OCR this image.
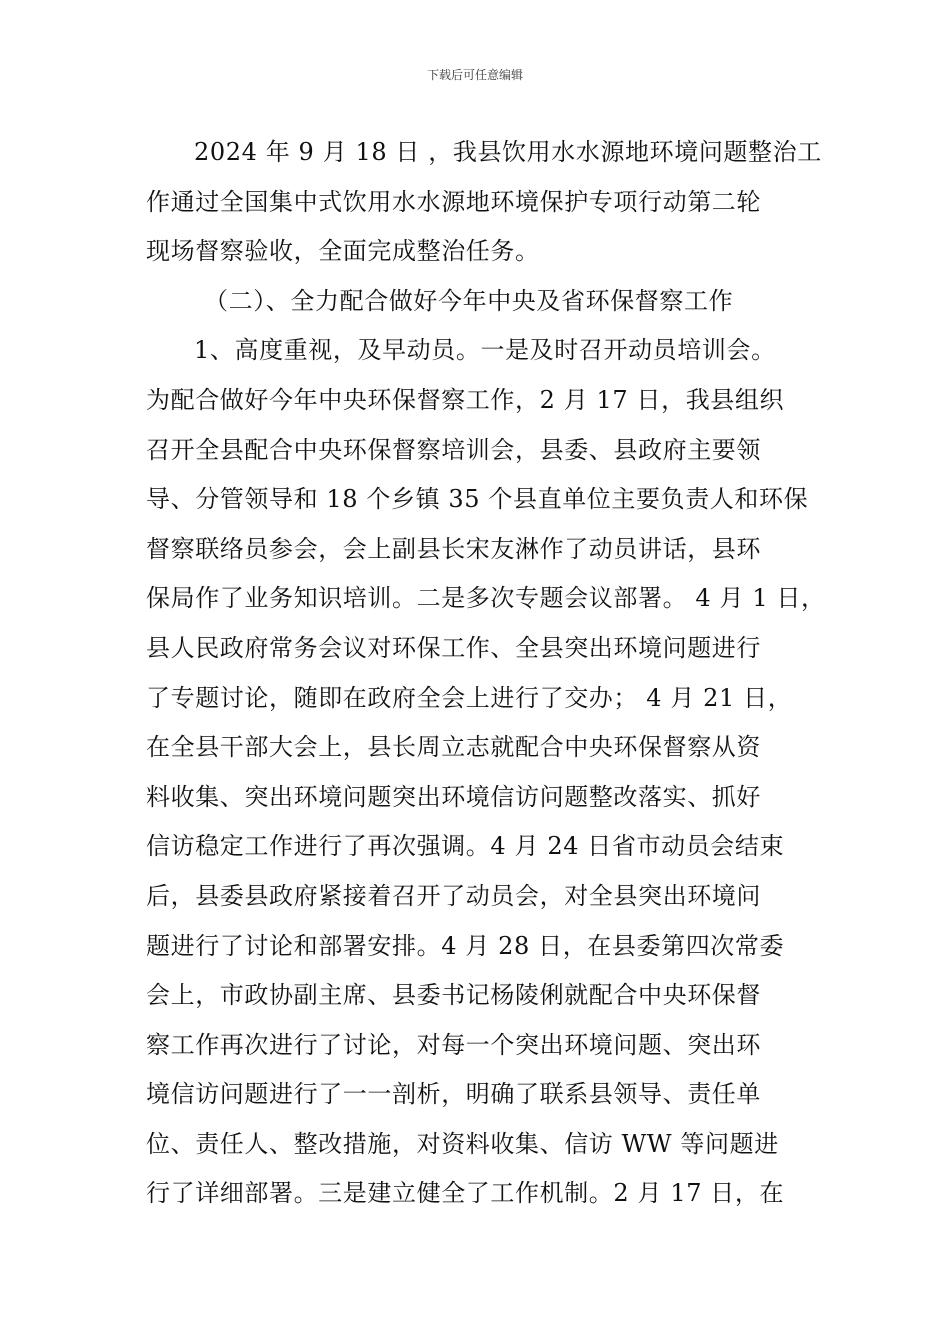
下载后可任意编辑
2024 年 9 月 18 日 ，我县饮用水水源地环境问题整治工
作通过全国集中式饮用水水源地环境保护专项行动第二轮
现场督察验收，全面完成整治任务。
（二）、全力配合做好今年中央及省环保督察工作
1、高度重视，及早动员。一是及时召开动员培训会。
为配合做好今年中央环保督察工作，2 月 17 日，我县组织
召开全县配合中央环保督察培训会，县委、县政府主要领
导、分管领导和 18 个乡镇 35 个县直单位主要负责人和环保
督察联络员参会，会上副县长宋友淋作了动员讲话，县环
保局作了业务知识培训。二是多次专题会议部署。 4 月 1 日，
县人民政府常务会议对环保工作、全县突出环境问题进行
了专题讨论，随即在政府全会上进行了交办； 4 月 21 日，
在全县干部大会上，县长周立志就配合中央环保督察从资
料收集、突出环境问题突出环境信访问题整改落实、抓好
信访稳定工作进行了再次强调。4 月 24 日省市动员会结束
后，县委县政府紧接着召开了动员会，对全县突出环境问
题进行了讨论和部署安排。4 月 28 日，在县委第四次常委
会上，市政协副主席、县委书记杨陵俐就配合中央环保督
察工作再次进行了讨论，对每一个突出环境问题、突出环
境信访问题进行了一一剖析，明确了联系县领导、责任单
位、责任人、整改措施，对资料收集、信访 WW 等问题进
行了详细部署。三是建立健全了工作机制。2 月 17 日，在
